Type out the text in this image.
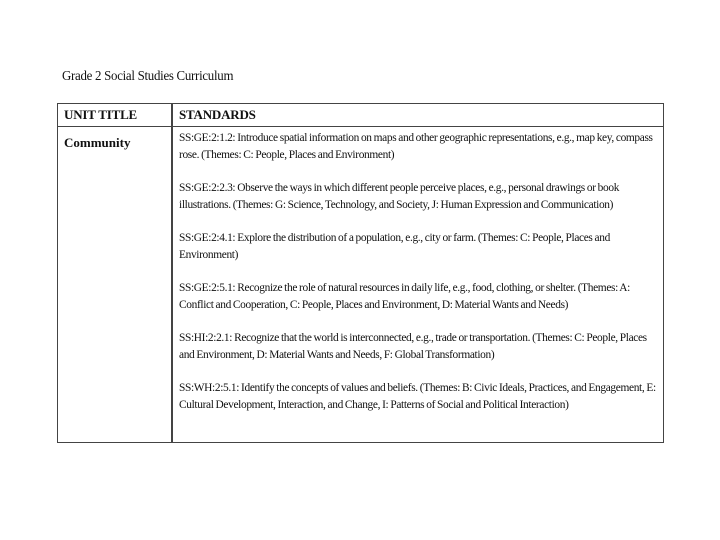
Grade 2 Social Studies Curriculum
UNIT TITLE	STANDARDS
Community	SS:GE:2:1.2: Introduce spatial information on maps and other geographic representations, e.g., map key, compass rose. (Themes: C: People, Places and Environment)

SS:GE:2:2.3: Observe the ways in which different people perceive places, e.g., personal drawings or book illustrations. (Themes: G: Science, Technology, and Society, J: Human Expression and Communication)

SS:GE:2:4.1: Explore the distribution of a population, e.g., city or farm. (Themes: C: People, Places and Environment)

SS:GE:2:5.1: Recognize the role of natural resources in daily life, e.g., food, clothing, or shelter. (Themes: A: Conflict and Cooperation, C: People, Places and Environment, D: Material Wants and Needs)

SS:HI:2:2.1: Recognize that the world is interconnected, e.g., trade or transportation. (Themes: C: People, Places and Environment, D: Material Wants and Needs, F: Global Transformation)

SS:WH:2:5.1: Identify the concepts of values and beliefs. (Themes: B: Civic Ideals, Practices, and Engagement, E: Cultural Development, Interaction, and Change, I: Patterns of Social and Political Interaction)
